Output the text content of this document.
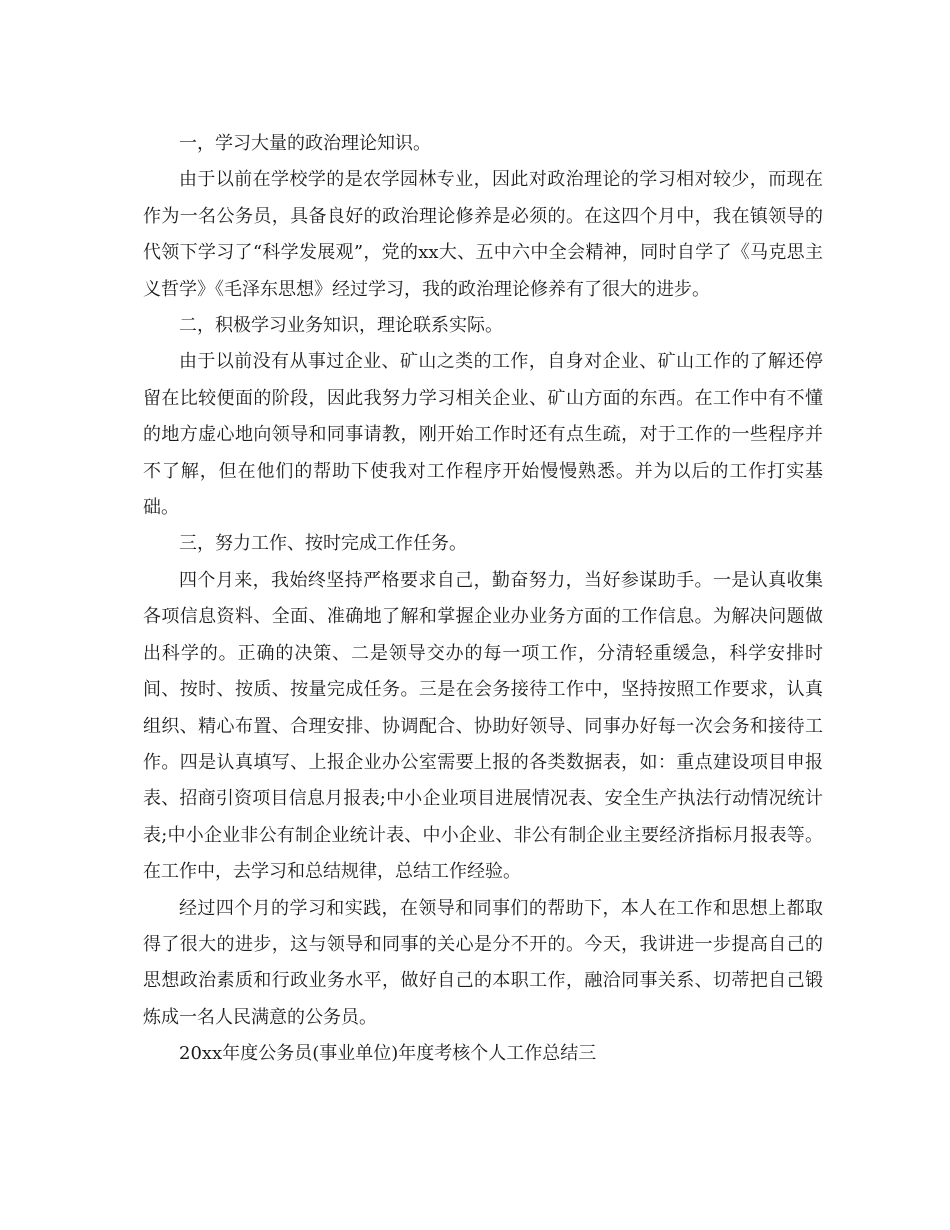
一，学习大量的政治理论知识。

由于以前在学校学的是农学园林专业，因此对政治理论的学习相对较少，而现在作为一名公务员，具备良好的政治理论修养是必须的。在这四个月中，我在镇领导的代领下学习了“科学发展观”，党的xx大、五中六中全会精神，同时自学了《马克思主义哲学》《毛泽东思想》经过学习，我的政治理论修养有了很大的进步。

二，积极学习业务知识，理论联系实际。

由于以前没有从事过企业、矿山之类的工作，自身对企业、矿山工作的了解还停留在比较便面的阶段，因此我努力学习相关企业、矿山方面的东西。在工作中有不懂的地方虚心地向领导和同事请教，刚开始工作时还有点生疏，对于工作的一些程序并不了解，但在他们的帮助下使我对工作程序开始慢慢熟悉。并为以后的工作打实基础。

三，努力工作、按时完成工作任务。

四个月来，我始终坚持严格要求自己，勤奋努力，当好参谋助手。一是认真收集各项信息资料、全面、准确地了解和掌握企业办业务方面的工作信息。为解决问题做出科学的。正确的决策、二是领导交办的每一项工作，分清轻重缓急，科学安排时间、按时、按质、按量完成任务。三是在会务接待工作中，坚持按照工作要求，认真组织、精心布置、合理安排、协调配合、协助好领导、同事办好每一次会务和接待工作。四是认真填写、上报企业办公室需要上报的各类数据表，如：重点建设项目申报表、招商引资项目信息月报表;中小企业项目进展情况表、安全生产执法行动情况统计表;中小企业非公有制企业统计表、中小企业、非公有制企业主要经济指标月报表等。在工作中，去学习和总结规律，总结工作经验。

经过四个月的学习和实践，在领导和同事们的帮助下，本人在工作和思想上都取得了很大的进步，这与领导和同事的关心是分不开的。今天，我讲进一步提高自己的思想政治素质和行政业务水平，做好自己的本职工作，融洽同事关系、切蒂把自己锻炼成一名人民满意的公务员。

20xx年度公务员(事业单位)年度考核个人工作总结三
